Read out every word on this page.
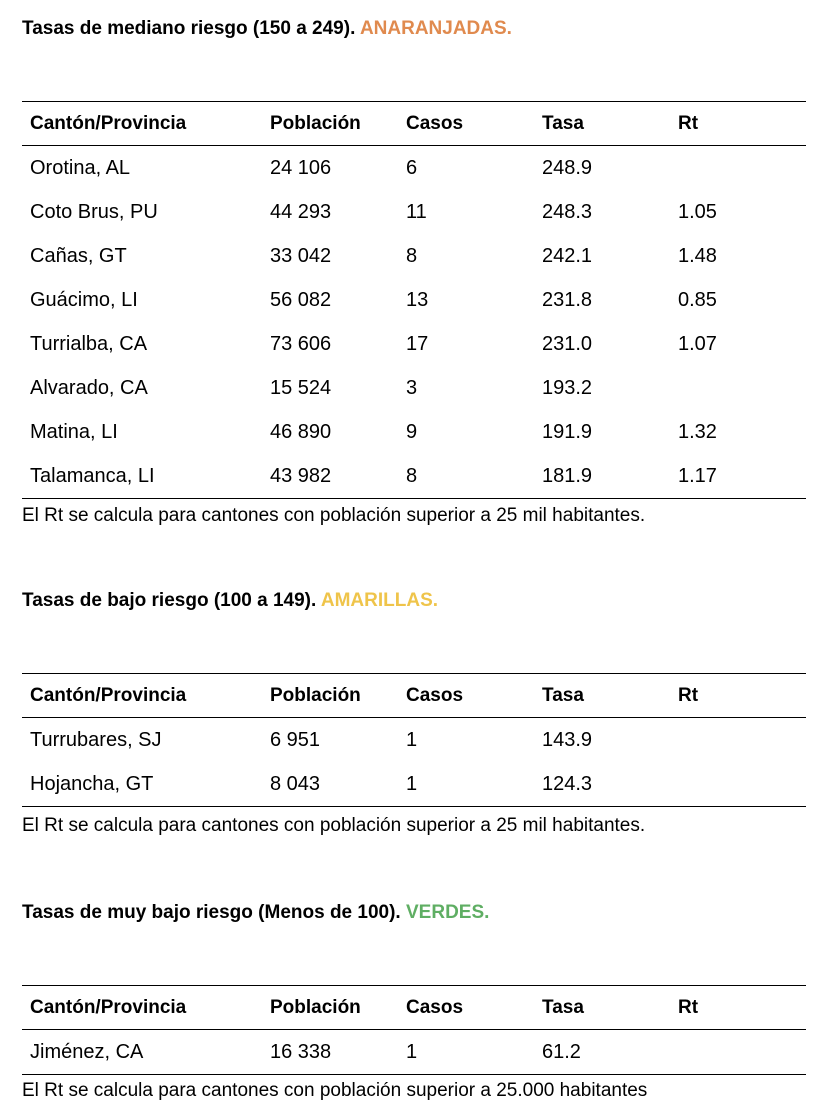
Tasas de mediano riesgo (150 a 249). ANARANJADAS.
Cantón/Provincia	Población	Casos	Tasa	Rt
Orotina, AL	24 106	6	248.9	
Coto Brus, PU	44 293	11	248.3	1.05
Cañas, GT	33 042	8	242.1	1.48
Guácimo, LI	56 082	13	231.8	0.85
Turrialba, CA	73 606	17	231.0	1.07
Alvarado, CA	15 524	3	193.2	
Matina, LI	46 890	9	191.9	1.32
Talamanca, LI	43 982	8	181.9	1.17
El Rt se calcula para cantones con población superior a 25 mil habitantes.
Tasas de bajo riesgo (100 a 149). AMARILLAS.
Cantón/Provincia	Población	Casos	Tasa	Rt
Turrubares, SJ	6 951	1	143.9	
Hojancha, GT	8 043	1	124.3	
El Rt se calcula para cantones con población superior a 25 mil habitantes.
Tasas de muy bajo riesgo (Menos de 100). VERDES.
Cantón/Provincia	Población	Casos	Tasa	Rt
Jiménez, CA	16 338	1	61.2	
El Rt se calcula para cantones con población superior a 25.000 habitantes
